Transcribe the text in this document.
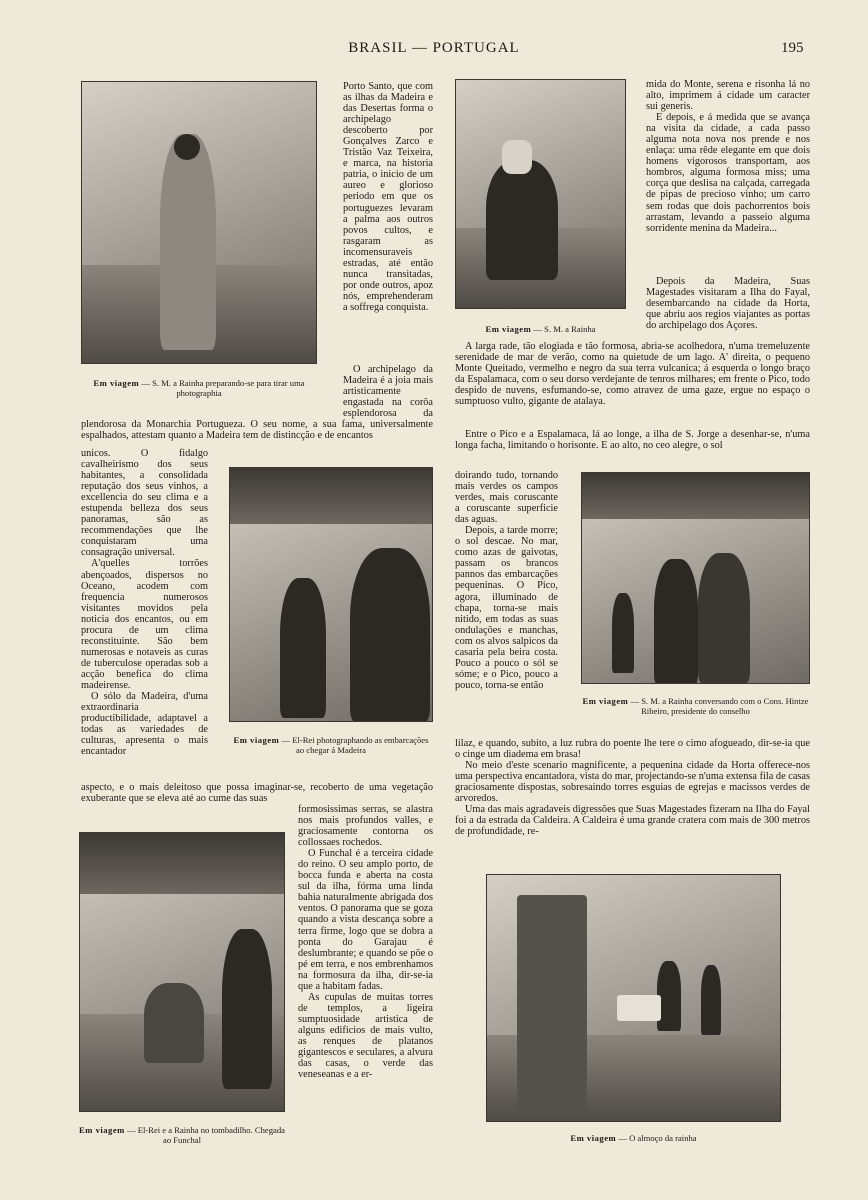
BRASIL — PORTUGAL	195
Em viagem — S. M. a Rainha preparando-se para tirar uma photographia

Porto Santo, que com as ilhas da Madeira e das Desertas forma o archipelago descoberto por Gonçalves Zarco e Tristão Vaz Teixeira, e marca, na historia patria, o inicio de um aureo e glorioso periodo em que os portuguezes levaram a palma aos outros povos cultos, e rasgaram as incomensuraveis estradas, até então nunca transitadas, por onde outros, apoz nós, emprehenderam a soffrega conquista.

Em viagem — S. M. a Rainha

mida do Monte, serena e risonha lá no alto, imprimem á cidade um caracter sui generis.

E depois, e á medida que se avança na visita da cidade, a cada passo alguma nota nova nos prende e nos enlaça: uma rêde elegante em que dois homens vigorosos transportam, aos hombros, alguma formosa miss; uma corça que deslisa na calçada, carregada de pipas de precioso vinho; um carro sem rodas que dois pachorrentos bois arrastam, levando a passeio alguma sorridente menina da Madeira...

Depois da Madeira, Suas Magestades visitaram a Ilha do Fayal, desembarcando na cidade da Horta, que abriu aos regios viajantes as portas do archipelago dos Açores.

O archipelago da Madeira é a joia mais artisticamente engastada na corôa esplendorosa da

A larga rade, tão elogiada e tão formosa, abria-se acolhedora, n'uma tremeluzente serenidade de mar de verão, como na quietude de um lago. A' direita, o pequeno Monte Queitado, vermelho e negro da sua terra vulcanica; á esquerda o longo braço da Espalamaca, com o seu dorso verdejante de tenros milhares; em frente o Pico, todo despido de nuvens, esfumando-se, como atravez de uma gaze, ergue no espaço o sumptuoso vulto, gigante de atalaya.

plendorosa da Monarchia Portugueza. O seu nome, a sua fama, universalmente espalhados, attestam quanto a Madeira tem de distincção e de encantos	Entre o Pico e a Espalamaca, lá ao longe, a ilha de S. Jorge a desenhar-se, n'uma longa facha, limitando o horisonte. E ao alto, no ceo alegre, o sol

unicos. O fidalgo cavalheirismo dos seus habitantes, a consolidada reputação dos seus vinhos, a excellencia do seu clima e a estupenda belleza dos seus panoramas, são as recommendações que lhe conquistaram uma consagração universal.

A'quelles torrões abençoados, dispersos no Oceano, acodem com frequencia numerosos visitantes movidos pela noticia dos encantos, ou em procura de um clima reconstituinte. São bem numerosas e notaveis as curas de tuberculose operadas sob a acção benefica do clima madeirense.

O sólo da Madeira, d'uma extraordinaria productibilidade, adaptavel a todas as variedades de culturas, apresenta o mais encantador

Em viagem — El-Rei photographando as embarcações ao chegar á Madeira

doirando tudo, tornando mais verdes os campos verdes, mais coruscante a coruscante superficie das aguas.

Depois, a tarde morre; o sol descae. No mar, como azas de gaivotas, passam os brancos pannos das embarcações pequeninas. O Pico, agora, illuminado de chapa, torna-se mais nitido, em todas as suas ondulações e manchas, com os alvos salpicos da casaria pela beira costa. Pouco a pouco o sól se sóme; e o Pico, pouco a pouco, torna-se então

Em viagem — S. M. a Rainha conversando com o Cons. Hintze Ribeiro, presidente do conselho

lilaz, e quando, subito, a luz rubra do poente lhe tere o cimo afogueado, dir-se-ia que o cinge um diadema em brasa!

No meio d'este scenario magnificente, a pequenina cidade da Horta offerece-nos uma perspectiva encantadora, vista do mar, projectando-se n'uma extensa fila de casas graciosamente dispostas, sobresaindo torres esguias de egrejas e macissos verdes de arvoredos.

Uma das mais agradaveis digressões que Suas Magestades fizeram na Ilha do Fayal foi a da estrada da Caldeira. A Caldeira é uma grande cratera com mais de 300 metros de profundidade, re-

aspecto, e o mais deleitoso que possa imaginar-se, recoberto de uma vegetação exuberante que se eleva até ao cume das suas

formosissimas serras, se alastra nos mais profundos valles, e graciosamente contorna os collossaes rochedos.

O Funchal é a terceira cidade do reino. O seu amplo porto, de bocca funda e aberta na costa sul da ilha, fórma uma linda bahia naturalmente abrigada dos ventos. O panorama que se goza quando a vista descança sobre a terra firme, logo que se dobra a ponta do Garajau é deslumbrante; e quando se põe o pé em terra, e nos embrenhamos na formosura da ilha, dir-se-ia que a habitam fadas.

As cupulas de muitas torres de templos, a ligeira sumptuosidade artistica de alguns edificios de mais vulto, as renques de platanos gigantescos e seculares, a alvura das casas, o verde das veneseanas e a er-

Em viagem — El-Rei e a Rainha no tombadilho. Chegada ao Funchal	Em viagem — O almoço da rainha
